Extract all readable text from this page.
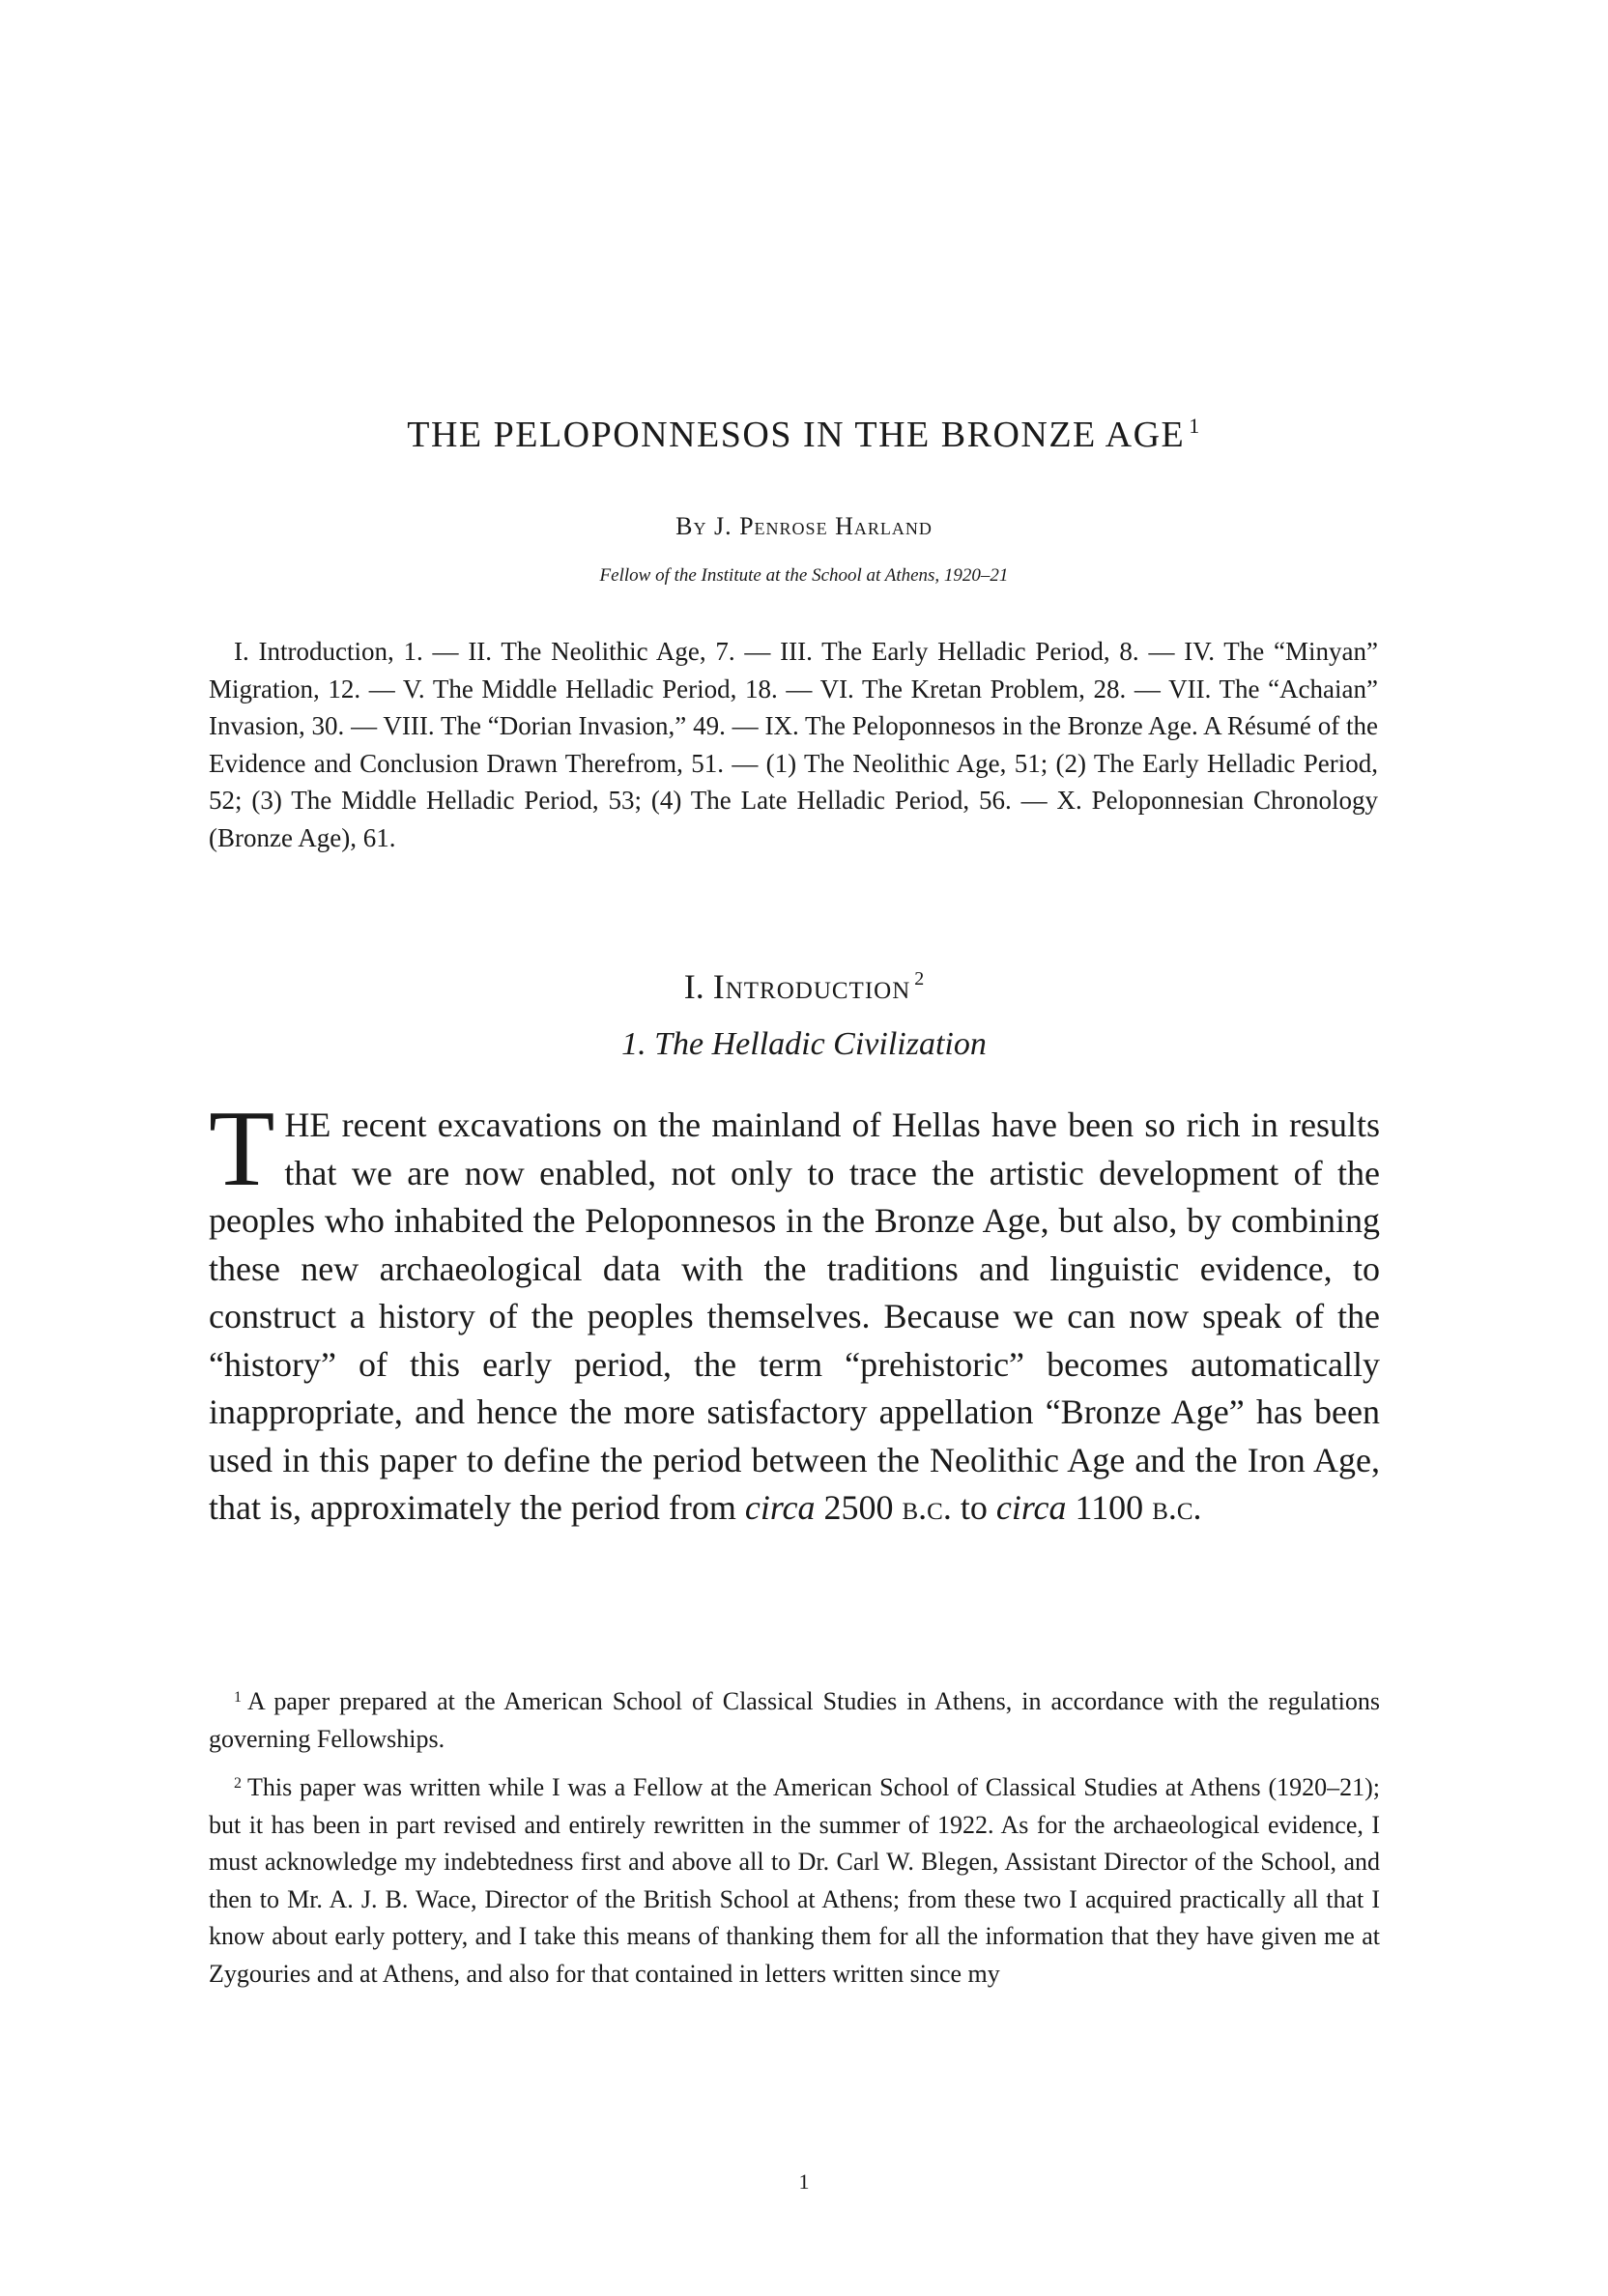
THE PELOPONNESOS IN THE BRONZE AGE $^1$
By J. Penrose Harland
Fellow of the Institute at the School at Athens, 1920–21

I. Introduction, 1. — II. The Neolithic Age, 7. — III. The Early Helladic Period, 8. — IV. The “Minyan” Migration, 12. — V. The Middle Helladic Period, 18. — VI. The Kretan Problem, 28. — VII. The “Achaian” Invasion, 30. — VIII. The “Dorian Invasion,” 49. — IX. The Peloponnesos in the Bronze Age. A Résumé of the Evidence and Conclusion Drawn Therefrom, 51. — (1) The Neolithic Age, 51; (2) The Early Helladic Period, 52; (3) The Middle Helladic Period, 53; (4) The Late Helladic Period, 56. — X. Peloponnesian Chronology (Bronze Age), 61.

I. Introduction $^2$
1. The Helladic Civilization

THE recent excavations on the mainland of Hellas have been so rich in results that we are now enabled, not only to trace the artistic development of the peoples who inhabited the Peloponnesos in the Bronze Age, but also, by combining these new archaeological data with the traditions and linguistic evidence, to construct a history of the peoples themselves. Because we can now speak of the “history” of this early period, the term “prehistoric” becomes automatically inappropriate, and hence the more satisfactory appellation “Bronze Age” has been used in this paper to define the period between the Neolithic Age and the Iron Age, that is, approximately the period from circa 2500 b.c. to circa 1100 b.c.

$^1$ A paper prepared at the American School of Classical Studies in Athens, in accordance with the regulations governing Fellowships.

$^2$ This paper was written while I was a Fellow at the American School of Classical Studies at Athens (1920–21); but it has been in part revised and entirely rewritten in the summer of 1922. As for the archaeological evidence, I must acknowledge my indebtedness first and above all to Dr. Carl W. Blegen, Assistant Director of the School, and then to Mr. A. J. B. Wace, Director of the British School at Athens; from these two I acquired practically all that I know about early pottery, and I take this means of thanking them for all the information that they have given me at Zygouries and at Athens, and also for that contained in letters written since my

1
